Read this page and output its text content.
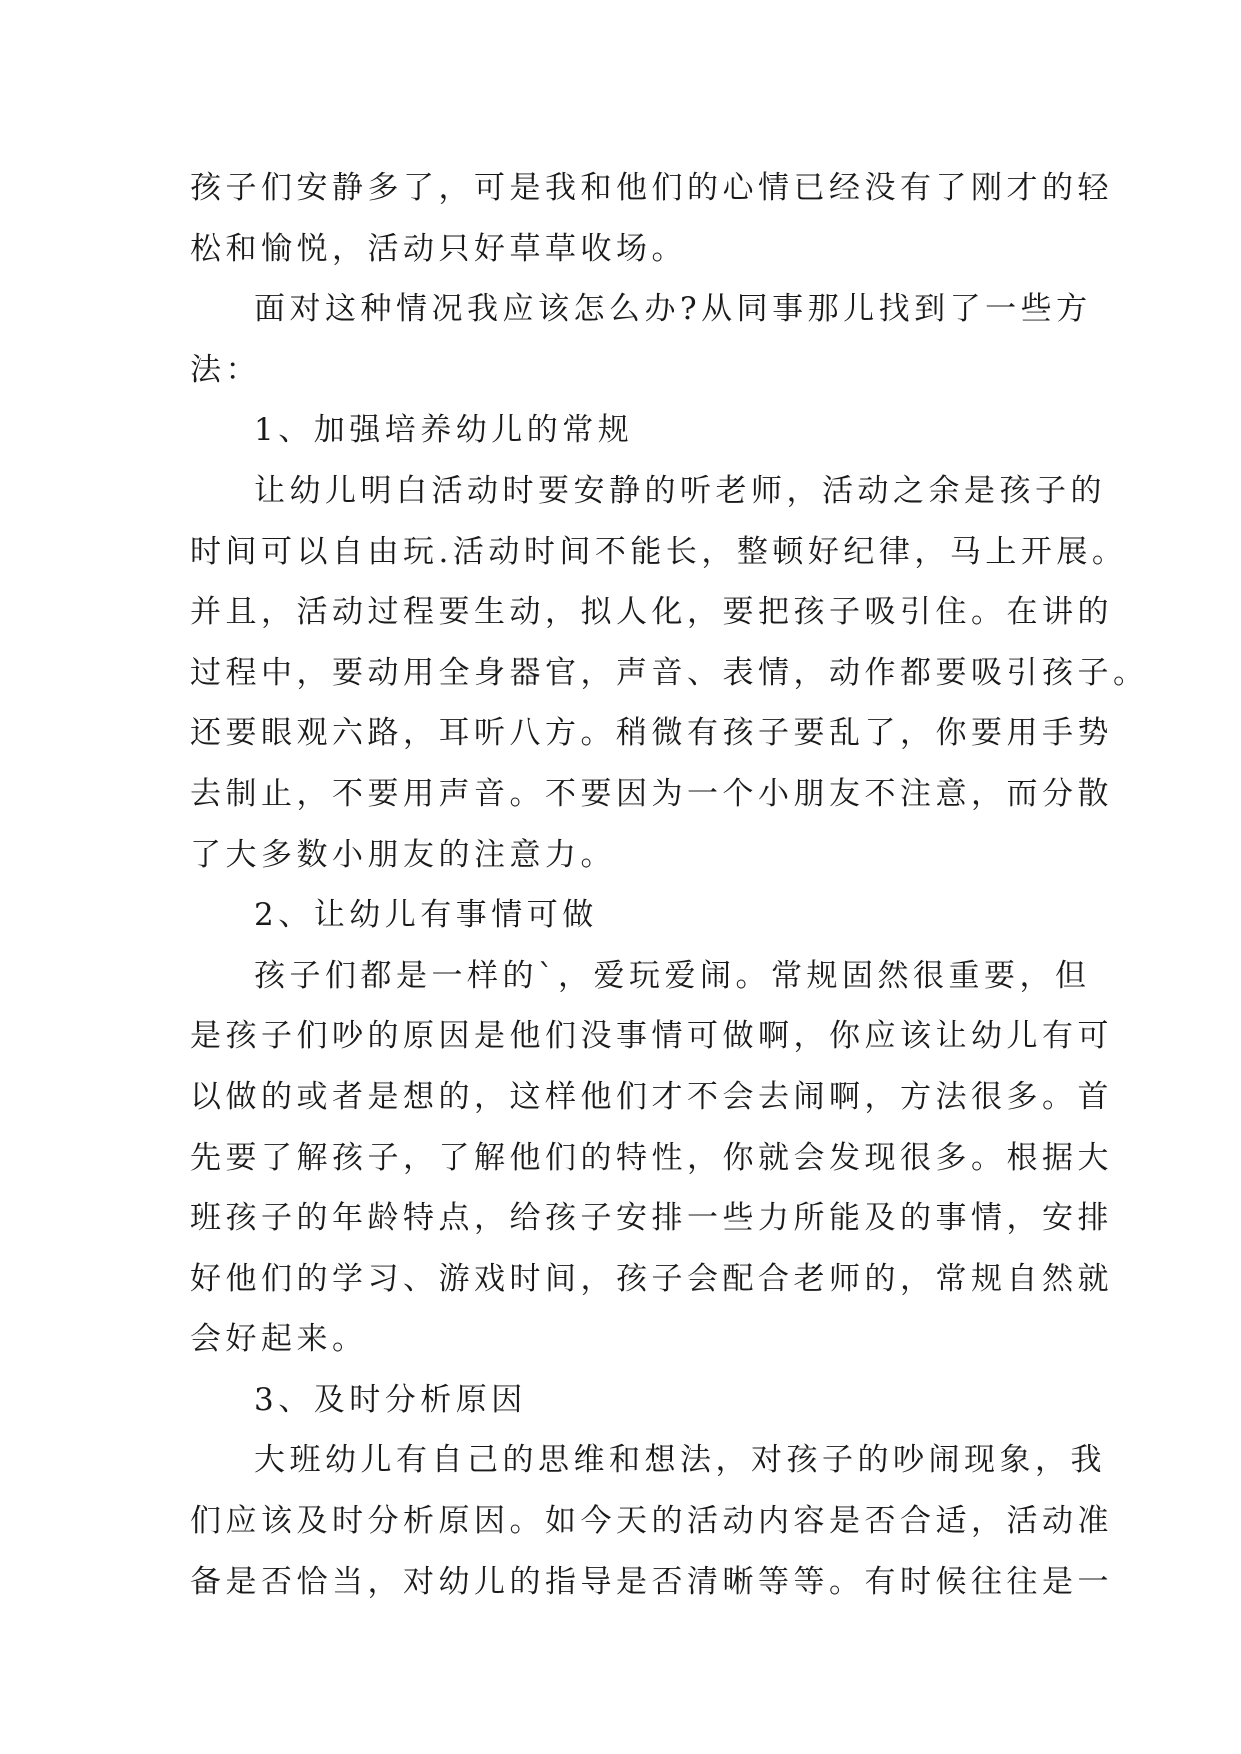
孩子们安静多了，可是我和他们的心情已经没有了刚才的轻
松和愉悦，活动只好草草收场。
面对这种情况我应该怎么办?从同事那儿找到了一些方
法：
1、加强培养幼儿的常规
让幼儿明白活动时要安静的听老师，活动之余是孩子的
时间可以自由玩.活动时间不能长，整顿好纪律，马上开展。
并且，活动过程要生动，拟人化，要把孩子吸引住。在讲的
过程中，要动用全身器官，声音、表情，动作都要吸引孩子。
还要眼观六路，耳听八方。稍微有孩子要乱了，你要用手势
去制止，不要用声音。不要因为一个小朋友不注意，而分散
了大多数小朋友的注意力。
2、让幼儿有事情可做
孩子们都是一样的`，爱玩爱闹。常规固然很重要，但
是孩子们吵的原因是他们没事情可做啊，你应该让幼儿有可
以做的或者是想的，这样他们才不会去闹啊，方法很多。首
先要了解孩子，了解他们的特性，你就会发现很多。根据大
班孩子的年龄特点，给孩子安排一些力所能及的事情，安排
好他们的学习、游戏时间，孩子会配合老师的，常规自然就
会好起来。
3、及时分析原因
大班幼儿有自己的思维和想法，对孩子的吵闹现象，我
们应该及时分析原因。如今天的活动内容是否合适，活动准
备是否恰当，对幼儿的指导是否清晰等等。有时候往往是一
